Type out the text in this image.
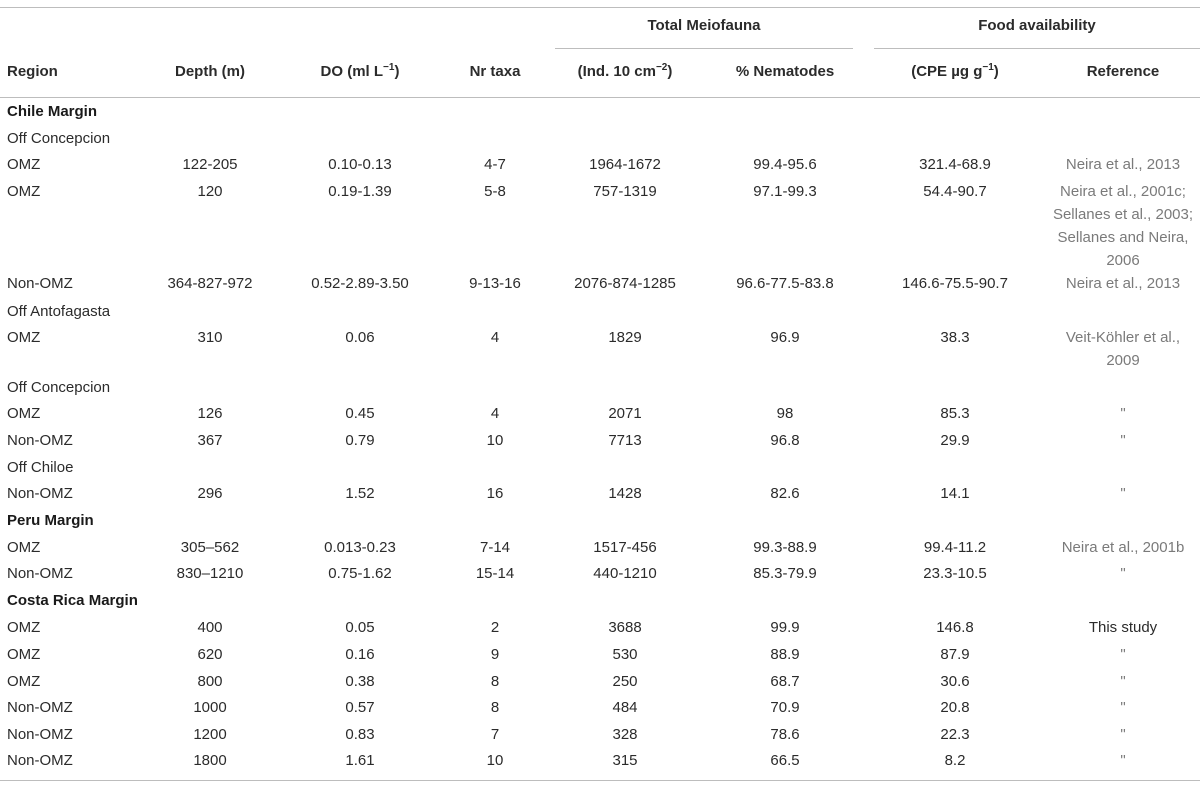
Total Meiofauna	Food availability
Region	Depth (m)	DO (ml $L^{-1}$)	Nr taxa	(Ind. 10 $cm^{-2}$)	% Nematodes	(CPE µg $g^{-1}$)	Reference
Chile Margin
Off Concepcion
OMZ	122-205	0.10-0.13	4-7	1964-1672	99.4-95.6	321.4-68.9	Neira et al., 2013
OMZ	120	0.19-1.39	5-8	757-1319	97.1-99.3	54.4-90.7	Neira et al., 2001c; Sellanes et al., 2003; Sellanes and Neira, 2006
Non-OMZ	364-827-972	0.52-2.89-3.50	9-13-16	2076-874-1285	96.6-77.5-83.8	146.6-75.5-90.7	Neira et al., 2013
Off Antofagasta
OMZ	310	0.06	4	1829	96.9	38.3	Veit-Köhler et al., 2009
Off Concepcion
OMZ	126	0.45	4	2071	98	85.3	"
Non-OMZ	367	0.79	10	7713	96.8	29.9	"
Off Chiloe
Non-OMZ	296	1.52	16	1428	82.6	14.1	"
Peru Margin
OMZ	305–562	0.013-0.23	7-14	1517-456	99.3-88.9	99.4-11.2	Neira et al., 2001b
Non-OMZ	830–1210	0.75-1.62	15-14	440-1210	85.3-79.9	23.3-10.5	"
Costa Rica Margin
OMZ	400	0.05	2	3688	99.9	146.8	This study
OMZ	620	0.16	9	530	88.9	87.9	"
OMZ	800	0.38	8	250	68.7	30.6	"
Non-OMZ	1000	0.57	8	484	70.9	20.8	"
Non-OMZ	1200	0.83	7	328	78.6	22.3	"
Non-OMZ	1800	1.61	10	315	66.5	8.2	"
